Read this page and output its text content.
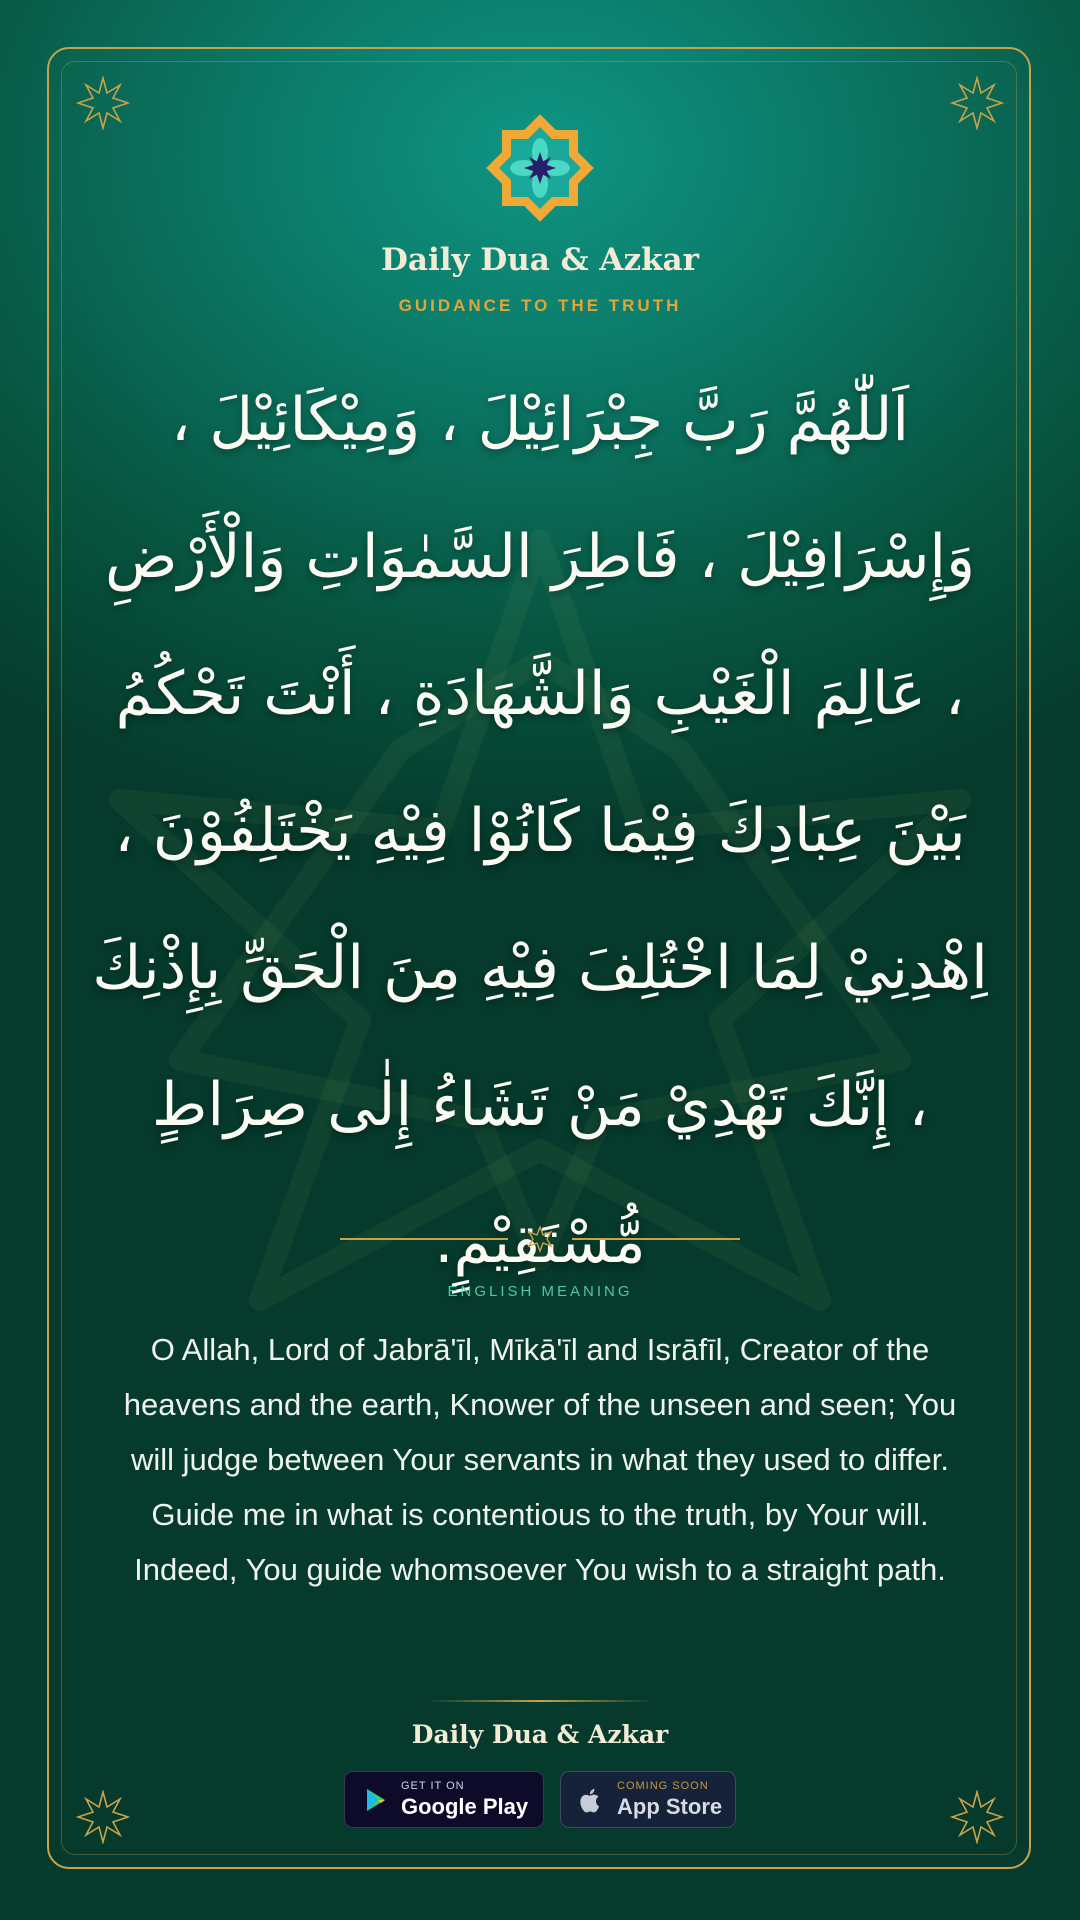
Daily Dua & Azkar
GUIDANCE TO THE TRUTH
اَللّٰهُمَّ رَبَّ جِبْرَائِيْلَ ، وَمِيْكَائِيْلَ ، وَإِسْرَافِيْلَ ، فَاطِرَ السَّمٰوَاتِ وَالْأَرْضِ ، عَالِمَ الْغَيْبِ وَالشَّهَادَةِ ، أَنْتَ تَحْكُمُ بَيْنَ عِبَادِكَ فِيْمَا كَانُوْا فِيْهِ يَخْتَلِفُوْنَ ، اِهْدِنِيْ لِمَا اخْتُلِفَ فِيْهِ مِنَ الْحَقِّ بِإِذْنِكَ ، إِنَّكَ تَهْدِيْ مَنْ تَشَاءُ إِلٰى صِرَاطٍ مُّسْتَقِيْمٍ.
ENGLISH MEANING
O Allah, Lord of Jabrā'īl, Mīkā'īl and Isrāfīl, Creator of the heavens and the earth, Knower of the unseen and seen; You will judge between Your servants in what they used to differ. Guide me in what is contentious to the truth, by Your will. Indeed, You guide whomsoever You wish to a straight path.
Daily Dua & Azkar
GET IT ON
Google Play
COMING SOON
App Store
